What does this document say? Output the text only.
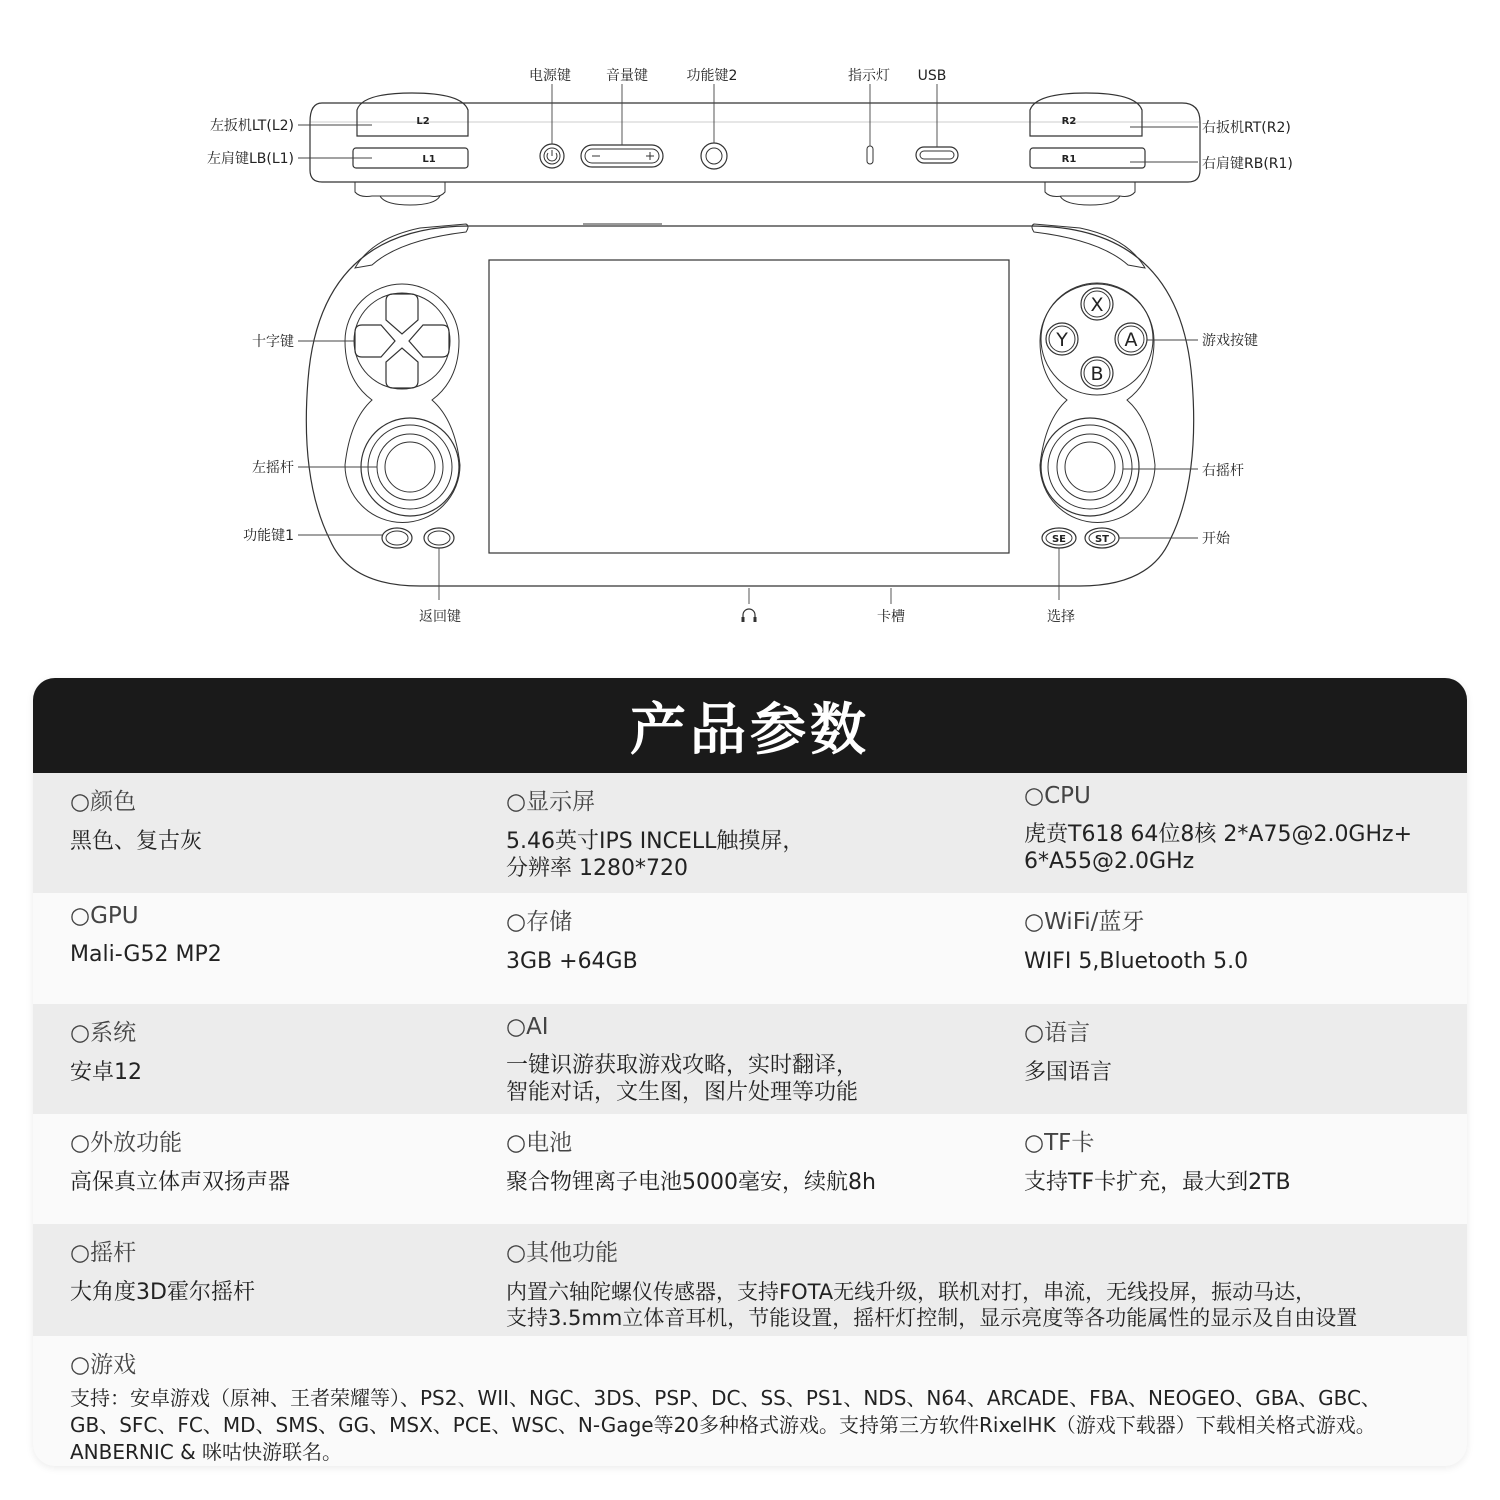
L2
L1
R2
R1
电源键	音量键	功能键2	指示灯 USB
左扳机LT(L2)
左肩键LB(L1)
右扳机RT(R2)
右肩键RB(R1)
X
Y	A
B
SE	ST
十字键
左摇杆
功能键1
游戏按键
右摇杆
开始
返回键	卡槽	选择
产品参数
○颜色
黑色、复古灰
○显示屏
5.46英寸IPS INCELL触摸屏，
分辨率 1280*720
○CPU
虎贲T618 64位8核 2*A75@2.0GHz+
6*A55@2.0GHz
○GPU
Mali-G52 MP2
○存储
3GB +64GB
○WiFi/蓝牙
WIFI 5,Bluetooth 5.0
○系统
安卓12
○AI
一键识游获取游戏攻略，实时翻译，
智能对话，文生图，图片处理等功能
○语言
多国语言
○外放功能
高保真立体声双扬声器
○电池
聚合物锂离子电池5000毫安，续航8h
○TF卡
支持TF卡扩充，最大到2TB
○摇杆
大角度3D霍尔摇杆
○其他功能
内置六轴陀螺仪传感器，支持FOTA无线升级，联机对打，串流，无线投屏，振动马达，
支持3.5mm立体音耳机，节能设置，摇杆灯控制，显示亮度等各功能属性的显示及自由设置
○游戏
支持：安卓游戏（原神、王者荣耀等）、PS2、WII、NGC、3DS、PSP、DC、SS、PS1、NDS、N64、ARCADE、FBA、NEOGEO、GBA、GBC、
GB、SFC、FC、MD、SMS、GG、MSX、PCE、WSC、N-Gage等20多种格式游戏。支持第三方软件RixelHK（游戏下载器）下载相关格式游戏。
ANBERNIC & 咪咕快游联名。
